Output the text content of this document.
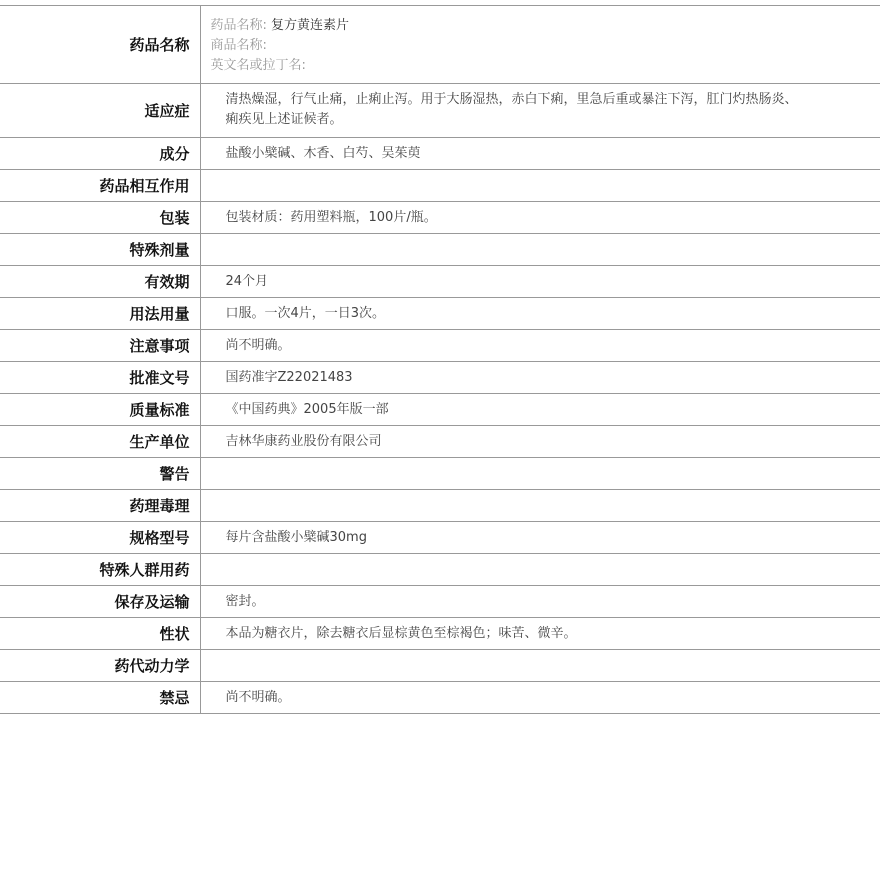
药品名称	药品名称: 复方黄连素片
商品名称:
英文名或拉丁名:

适应症	清热燥湿，行气止痛，止痢止泻。用于大肠湿热，赤白下痢，里急后重或暴注下泻，肛门灼热肠炎、痢疾见上述证候者。

成分	盐酸小檗碱、木香、白芍、吴茱萸
药品相互作用	
包装	包装材质：药用塑料瓶，100片/瓶。
特殊剂量	
有效期	24个月
用法用量	口服。一次4片，一日3次。
注意事项	尚不明确。
批准文号	国药准字Z22021483
质量标准	《中国药典》2005年版一部
生产单位	吉林华康药业股份有限公司
警告	
药理毒理	
规格型号	每片含盐酸小檗碱30mg
特殊人群用药	
保存及运输	密封。
性状	本品为糖衣片，除去糖衣后显棕黄色至棕褐色；味苦、微辛。
药代动力学	
禁忌	尚不明确。
